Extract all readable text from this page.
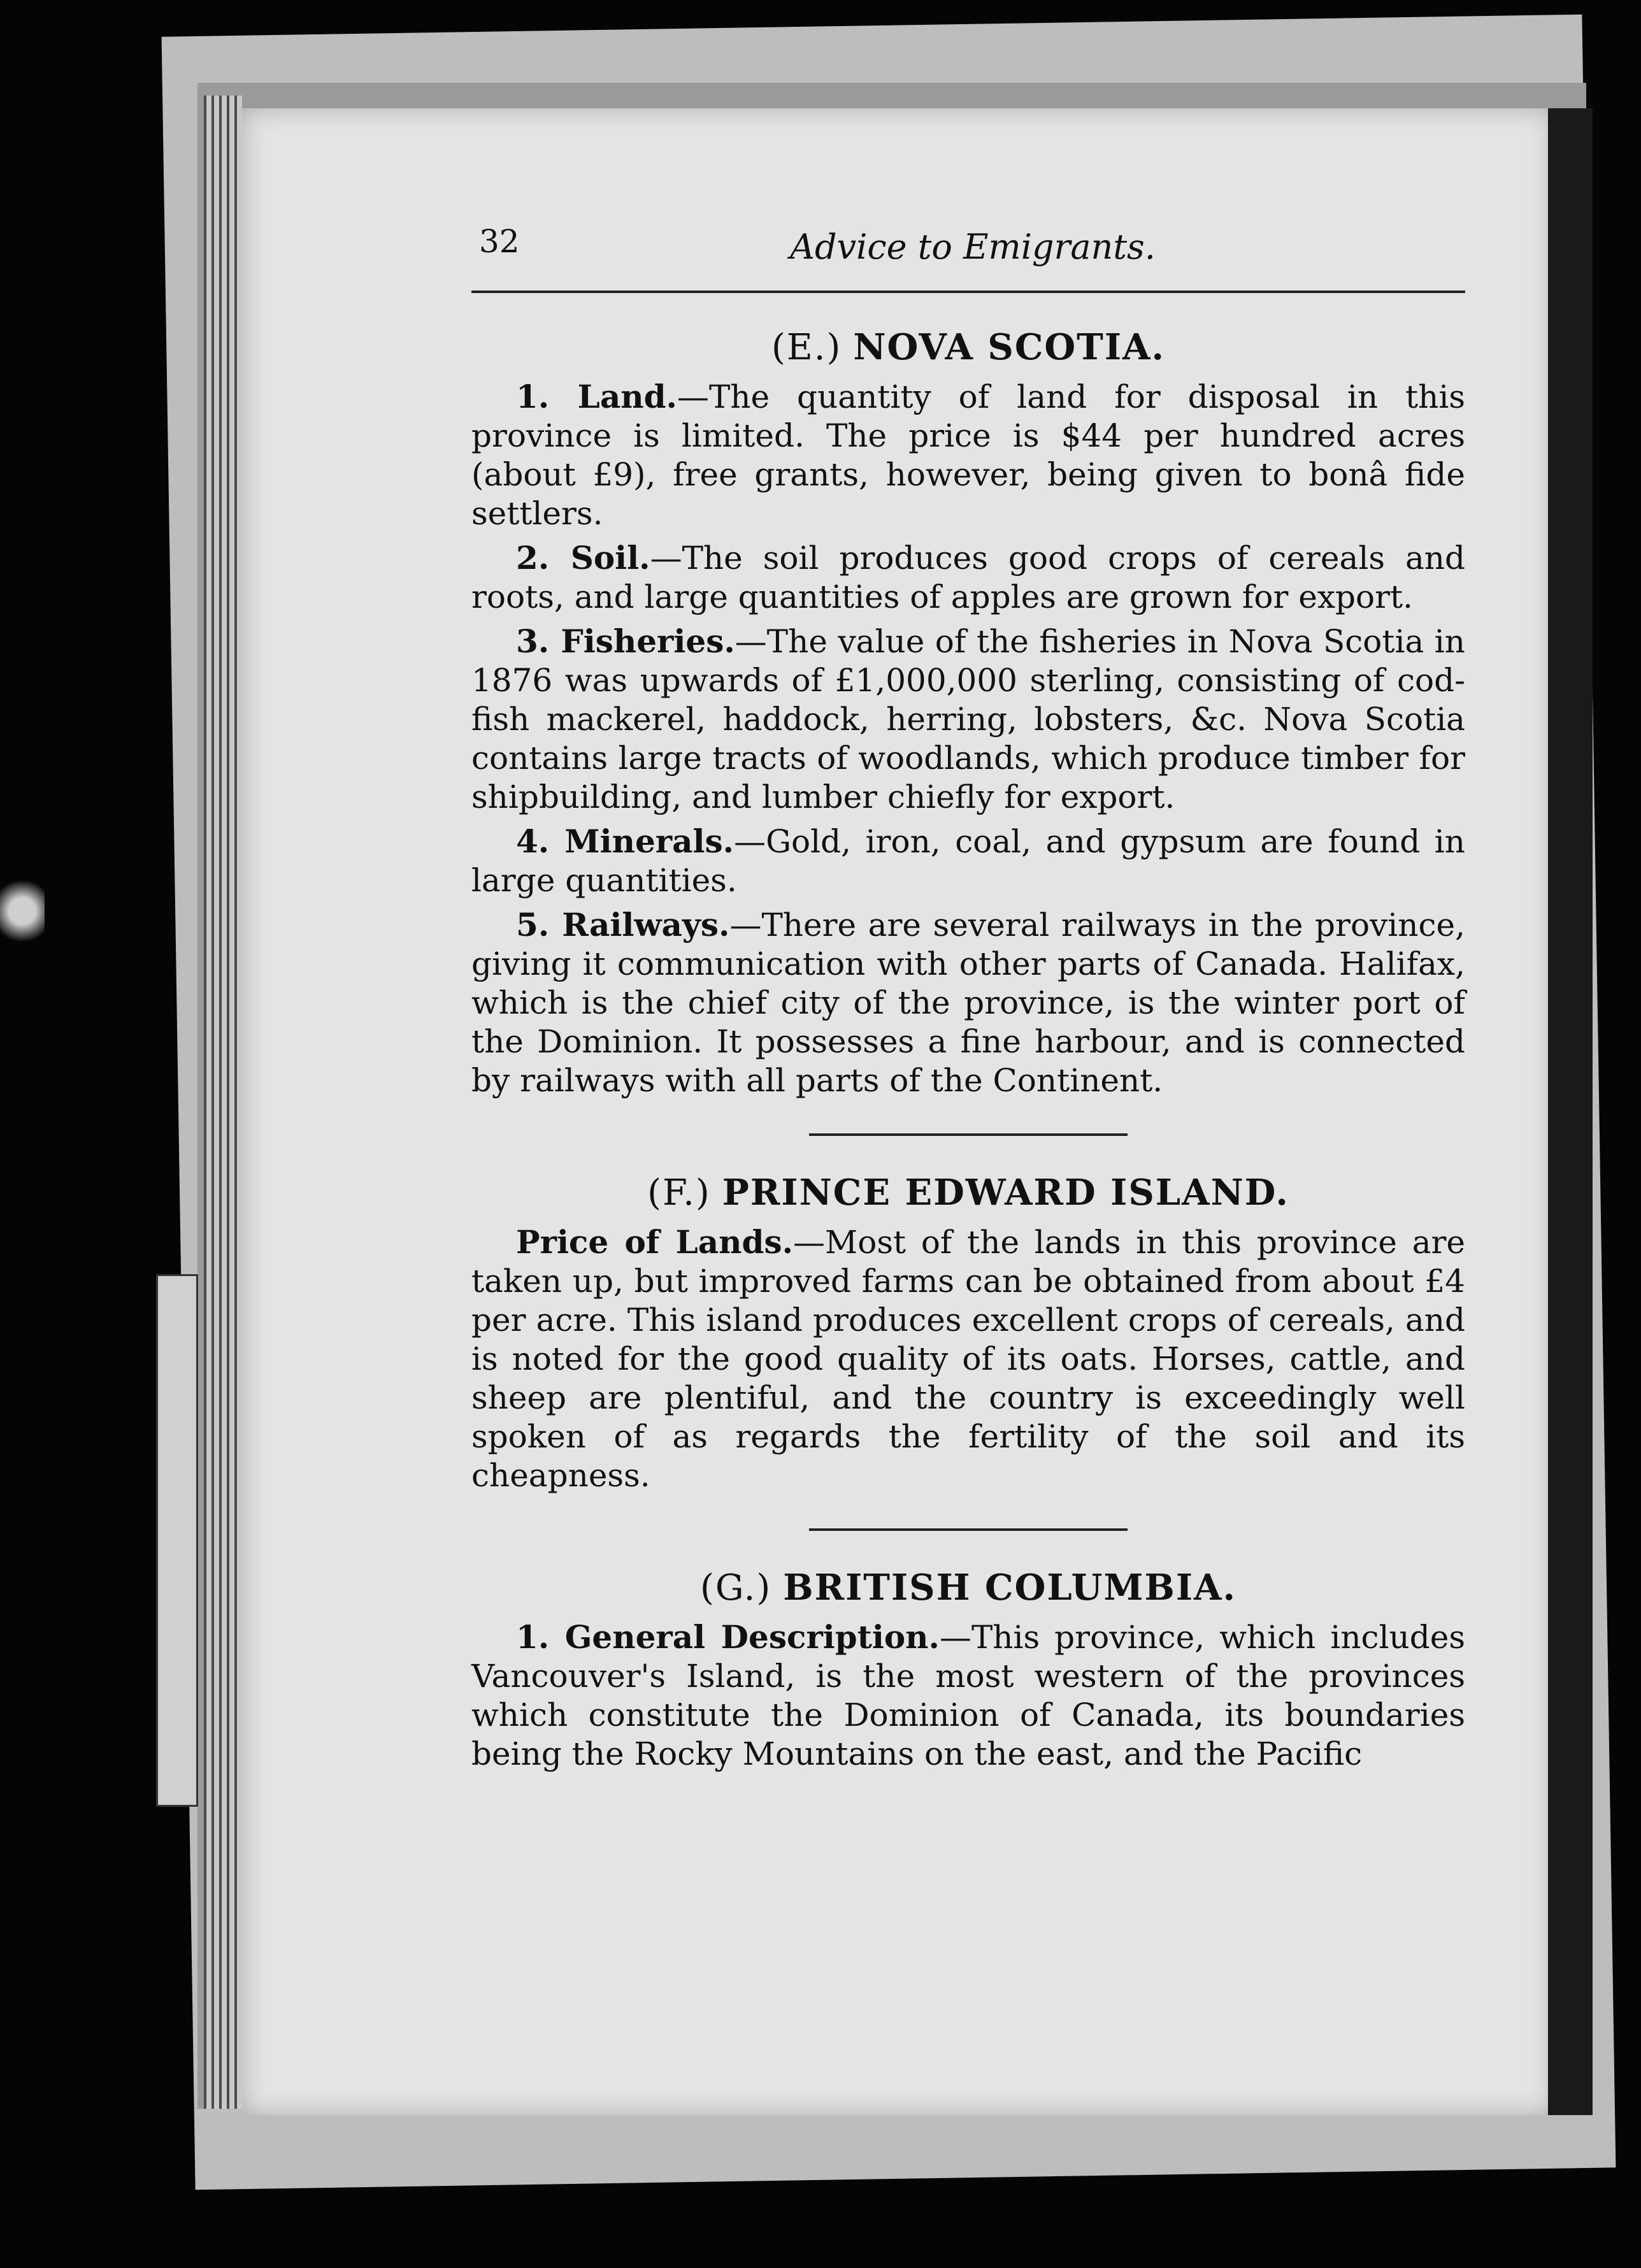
32	Advice to Emigrants.
(E.) NOVA SCOTIA.

1. Land.—The quantity of land for disposal in this province is limited. The price is $44 per hundred acres (about £9), free grants, however, being given to bonâ fide settlers.

2. Soil.—The soil produces good crops of cereals and roots, and large quantities of apples are grown for export.

3. Fisheries.—The value of the fisheries in Nova Scotia in 1876 was upwards of £1,000,000 sterling, consisting of cod-fish mackerel, haddock, herring, lobsters, &c. Nova Scotia contains large tracts of woodlands, which produce timber for shipbuilding, and lumber chiefly for export.

4. Minerals.—Gold, iron, coal, and gypsum are found in large quantities.

5. Railways.—There are several railways in the province, giving it communication with other parts of Canada. Halifax, which is the chief city of the province, is the winter port of the Dominion. It possesses a fine harbour, and is connected by railways with all parts of the Continent.

(F.) PRINCE EDWARD ISLAND.

Price of Lands.—Most of the lands in this province are taken up, but improved farms can be obtained from about £4 per acre. This island produces excellent crops of cereals, and is noted for the good quality of its oats. Horses, cattle, and sheep are plentiful, and the country is exceedingly well spoken of as regards the fertility of the soil and its cheapness.

(G.) BRITISH COLUMBIA.

1. General Description.—This province, which includes Vancouver's Island, is the most western of the provinces which constitute the Dominion of Canada, its boundaries being the Rocky Mountains on the east, and the Pacific
